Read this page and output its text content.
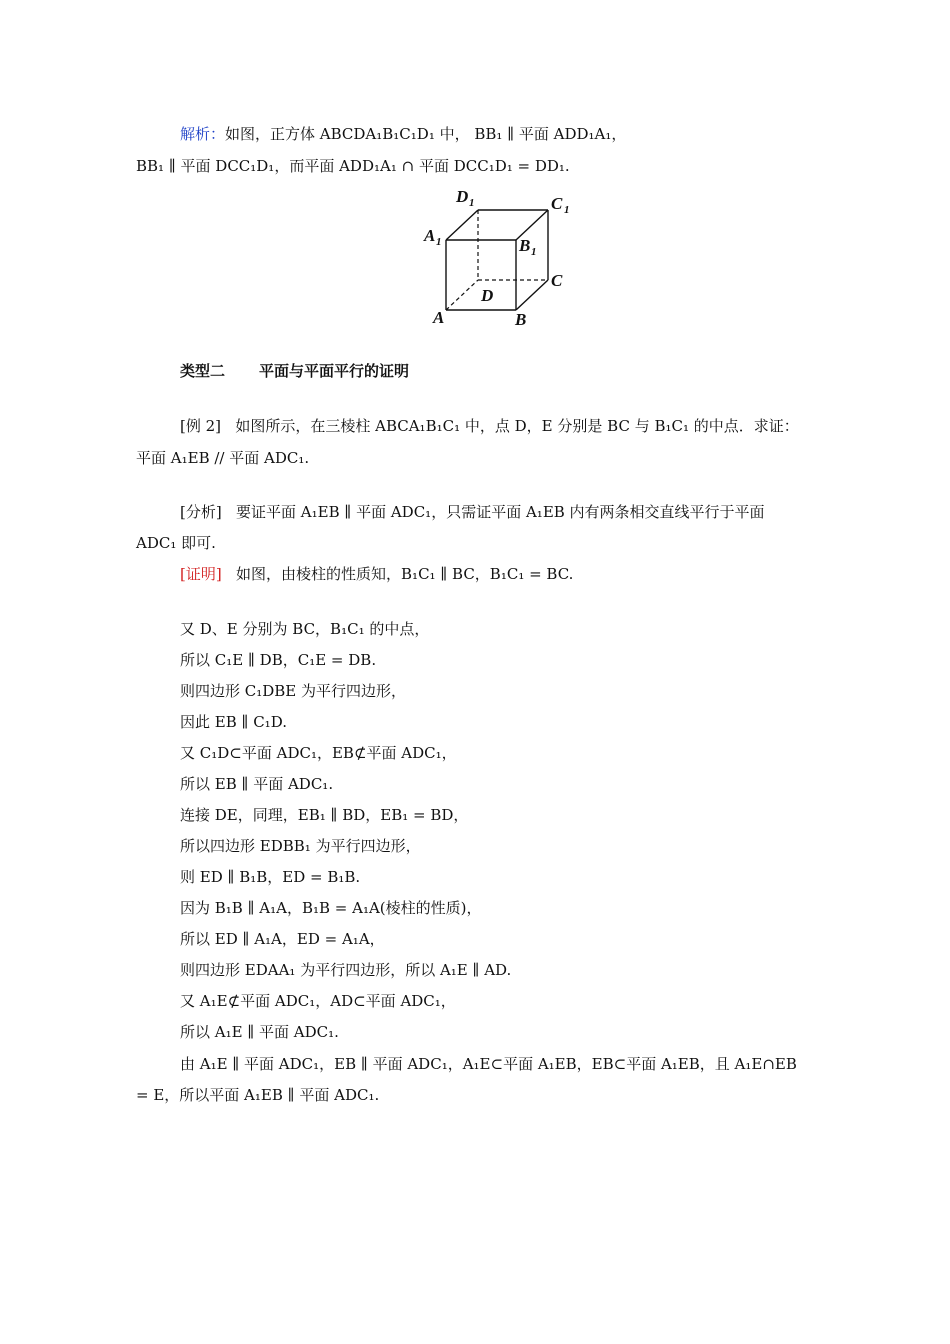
解析：如图，正方体 ABCDA₁B₁C₁D₁ 中， BB₁ ∥ 平面 ADD₁A₁，
BB₁ ∥ 平面 DCC₁D₁，而平面 ADD₁A₁ ∩ 平面 DCC₁D₁ = DD₁.
D 1	C 1
A 1	B 1
C
D
A	B
类型二 平面与平面平行的证明
[例 2] 如图所示，在三棱柱 ABCA₁B₁C₁ 中，点 D，E 分别是 BC 与 B₁C₁ 的中点．求证：
平面 A₁EB // 平面 ADC₁.
[分析] 要证平面 A₁EB ∥ 平面 ADC₁，只需证平面 A₁EB 内有两条相交直线平行于平面
ADC₁ 即可.
[证明] 如图，由棱柱的性质知，B₁C₁ ∥ BC，B₁C₁ = BC.
又 D、E 分别为 BC，B₁C₁ 的中点，
所以 C₁E ∥ DB，C₁E = DB.
则四边形 C₁DBE 为平行四边形，
因此 EB ∥ C₁D.
又 C₁D⊂平面 ADC₁，EB⊄平面 ADC₁，
所以 EB ∥ 平面 ADC₁.
连接 DE，同理，EB₁ ∥ BD，EB₁ = BD，
所以四边形 EDBB₁ 为平行四边形，
则 ED ∥ B₁B，ED = B₁B.
因为 B₁B ∥ A₁A，B₁B = A₁A(棱柱的性质)，
所以 ED ∥ A₁A，ED = A₁A，
则四边形 EDAA₁ 为平行四边形，所以 A₁E ∥ AD.
又 A₁E⊄平面 ADC₁，AD⊂平面 ADC₁，
所以 A₁E ∥ 平面 ADC₁.
由 A₁E ∥ 平面 ADC₁，EB ∥ 平面 ADC₁，A₁E⊂平面 A₁EB，EB⊂平面 A₁EB，且 A₁E∩EB
= E，所以平面 A₁EB ∥ 平面 ADC₁.
